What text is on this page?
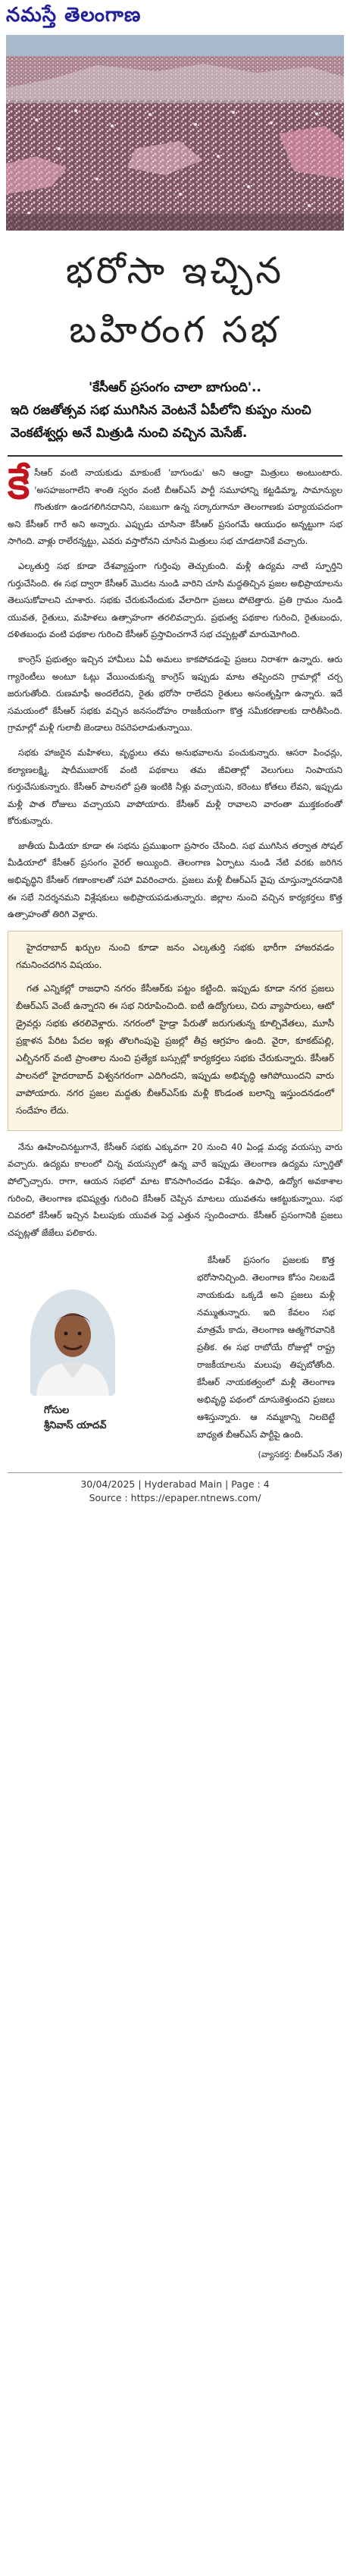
నమస్తే తెలంగాణ
భరోసా ఇచ్చిన
బహిరంగ సభ
'కేసీఆర్ ప్రసంగం చాలా బాగుంది'..
ఇది రజతోత్సవ సభ ముగిసిన వెంటనే ఏపీలోని కుప్పం నుంచి వెంకటేశ్వర్లు అనే మిత్రుడి నుంచి వచ్చిన మెసేజ్.

కే సీఆర్ వంటి నాయకుడు మాకుంటే 'బాగుండు' అని ఆంధ్రా మిత్రులు అంటుంటారు. 'అసహజంగాలేని శాంతి స్వరం వంటి బీఆర్ఎస్ పార్టీ సమూహాన్ని కట్టడిమ్మా, సామాన్యుల గొంతుకగా ఉండగలిగినదానిని, సబబుగా ఉన్న సర్కారుగానూ తెలంగాణకు పర్యాయపదంగా అని కేసీఆర్ గారే అని అన్నారు. ఎప్పుడు చూసినా కేసీఆర్ ప్రసంగమే ఆయుధం అన్నట్టుగా సభ సాగింది. వాళ్లు రాలేరన్నట్టు, ఎవరు వస్తారోనని చూసిన మిత్రులు సభ చూడటానికే వచ్చారు.

ఎల్కతుర్తి సభ కూడా దేశవ్యాప్తంగా గుర్తింపు తెచ్చుకుంది. మళ్లీ ఉద్యమ నాటి స్ఫూర్తిని గుర్తుచేసింది. ఈ సభ ద్వారా కేసీఆర్ మొదట నుండి వారిని చూసి మద్దతిచ్చిన ప్రజల అభిప్రాయాలను తెలుసుకోవాలని చూశారు. సభకు చేరుకునేందుకు వేలాదిగా ప్రజలు పోటెత్తారు. ప్రతి గ్రామం నుండి యువత, రైతులు, మహిళలు ఉత్సాహంగా తరలివచ్చారు. ప్రభుత్వ పథకాల గురించి, రైతుబంధు, దళితబంధు వంటి పథకాల గురించి కేసీఆర్ ప్రస్తావించగానే సభ చప్పట్లతో మారుమోగింది.

కాంగ్రెస్ ప్రభుత్వం ఇచ్చిన హామీలు ఏవీ అమలు కాకపోవడంపై ప్రజలు నిరాశగా ఉన్నారు. ఆరు గ్యారెంటీలు అంటూ ఓట్లు వేయించుకున్న కాంగ్రెస్ ఇప్పుడు మాట తప్పిందని గ్రామాల్లో చర్చ జరుగుతోంది. రుణమాఫీ అందలేదని, రైతు భరోసా రాలేదని రైతులు అసంతృప్తిగా ఉన్నారు. ఇదే సమయంలో కేసీఆర్ సభకు వచ్చిన జనసందోహం రాజకీయంగా కొత్త సమీకరణాలకు దారితీసింది. గ్రామాల్లో మళ్లీ గులాబీ జెండాలు రెపరెపలాడుతున్నాయి.

సభకు హాజరైన మహిళలు, వృద్ధులు తమ అనుభవాలను పంచుకున్నారు. ఆసరా పింఛన్లు, కల్యాణలక్ష్మి, షాదీముబారక్ వంటి పథకాలు తమ జీవితాల్లో వెలుగులు నింపాయని గుర్తుచేసుకున్నారు. కేసీఆర్ పాలనలో ప్రతి ఇంటికి నీళ్లు వచ్చాయని, కరెంటు కోతలు లేవని, ఇప్పుడు మళ్లీ పాత రోజులు వచ్చాయని వాపోయారు. కేసీఆర్ మళ్లీ రావాలని వారంతా ముక్తకంఠంతో కోరుకున్నారు.

జాతీయ మీడియా కూడా ఈ సభను ప్రముఖంగా ప్రసారం చేసింది. సభ ముగిసిన తర్వాత సోషల్ మీడియాలో కేసీఆర్ ప్రసంగం వైరల్ అయ్యింది. తెలంగాణ ఏర్పాటు నుండి నేటి వరకు జరిగిన అభివృద్ధిని కేసీఆర్ గణాంకాలతో సహా వివరించారు. ప్రజలు మళ్లీ బీఆర్ఎస్ వైపు చూస్తున్నారనడానికి ఈ సభే నిదర్శనమని విశ్లేషకులు అభిప్రాయపడుతున్నారు. జిల్లాల నుంచి వచ్చిన కార్యకర్తలు కొత్త ఉత్సాహంతో తిరిగి వెళ్లారు.

హైదరాబాద్ ఖర్చుల నుంచి కూడా జనం ఎల్కతుర్తి సభకు భారీగా హాజరవడం గమనించదగిన విషయం.

గత ఎన్నికల్లో రాజధాని నగరం కేసీఆర్‌కు పట్టం కట్టింది. ఇప్పుడు కూడా నగర ప్రజలు బీఆర్ఎస్ వెంటే ఉన్నారని ఈ సభ నిరూపించింది. ఐటీ ఉద్యోగులు, చిరు వ్యాపారులు, ఆటో డ్రైవర్లు సభకు తరలివెళ్లారు. నగరంలో హైడ్రా పేరుతో జరుగుతున్న కూల్చివేతలు, మూసీ ప్రక్షాళన పేరిట పేదల ఇళ్లు తొలగింపుపై ప్రజల్లో తీవ్ర ఆగ్రహం ఉంది. వైరా, కూకట్‌పల్లి, ఎల్బీనగర్ వంటి ప్రాంతాల నుంచి ప్రత్యేక బస్సుల్లో కార్యకర్తలు సభకు చేరుకున్నారు. కేసీఆర్ పాలనలో హైదరాబాద్ విశ్వనగరంగా ఎదిగిందని, ఇప్పుడు అభివృద్ధి ఆగిపోయిందని వారు వాపోయారు. నగర ప్రజల మద్దతు బీఆర్ఎస్‌కు మళ్లీ కొండంత బలాన్ని ఇస్తుందనడంలో సందేహం లేదు.

నేను ఊహించినట్టుగానే, కేసీఆర్ సభకు ఎక్కువగా 20 నుంచి 40 ఏండ్ల మధ్య వయస్సు వారు వచ్చారు. ఉద్యమ కాలంలో చిన్న వయస్సులో ఉన్న వారే ఇప్పుడు తెలంగాణ ఉద్యమ స్ఫూర్తితో పోల్చొచ్చారు. రాగా, ఆయన సభలో మాట కొనసాగించడం విశేషం. ఉపాధి, ఉద్యోగ అవకాశాల గురించి, తెలంగాణ భవిష్యత్తు గురించి కేసీఆర్ చెప్పిన మాటలు యువతను ఆకట్టుకున్నాయి. సభ చివరలో కేసీఆర్ ఇచ్చిన పిలుపుకు యువత పెద్ద ఎత్తున స్పందించారు. కేసీఆర్ ప్రసంగానికి ప్రజలు చప్పట్లతో జేజేలు పలికారు.

గోసుల
శ్రీనివాస్ యాదవ్

కేసీఆర్ ప్రసంగం ప్రజలకు కొత్త భరోసానిచ్చింది. తెలంగాణ కోసం నిలబడే నాయకుడు ఒక్కడే అని ప్రజలు మళ్లీ నమ్ముతున్నారు. ఇది కేవలం సభ మాత్రమే కాదు, తెలంగాణ ఆత్మగౌరవానికి ప్రతీక. ఈ సభ రాబోయే రోజుల్లో రాష్ట్ర రాజకీయాలను మలుపు తిప్పబోతోంది. కేసీఆర్ నాయకత్వంలో మళ్లీ తెలంగాణ అభివృద్ధి పథంలో దూసుకెళ్తుందని ప్రజలు ఆశిస్తున్నారు. ఆ నమ్మకాన్ని నిలబెట్టే బాధ్యత బీఆర్ఎస్ పార్టీపై ఉంది.

(వ్యాసకర్త: బీఆర్ఎస్ నేత)
30/04/2025 | Hyderabad Main | Page : 4
Source : https://epaper.ntnews.com/
